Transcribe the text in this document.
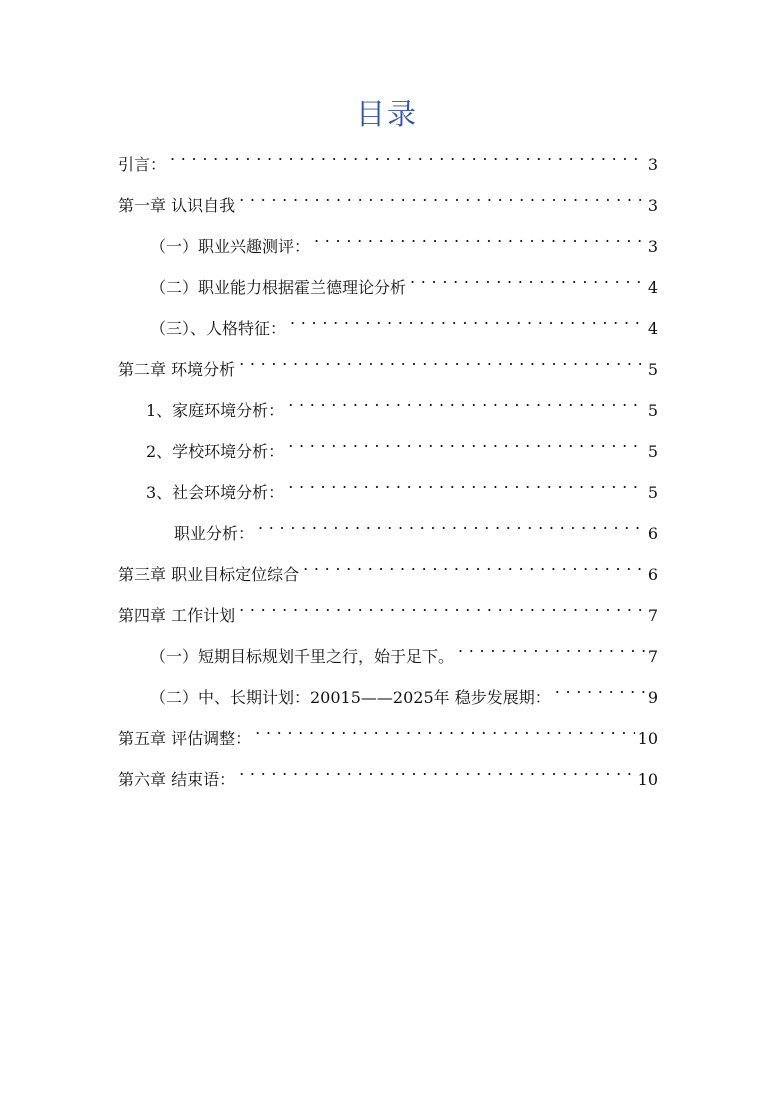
目录
引言： . . .	3
第一章 认识自我 . . .	3
（一）职业兴趣测评： . . .	3
（二）职业能力根据霍兰德理论分析 . . .	4
（三）、人格特征： . . .	4
第二章 环境分析 . . .	5
1、家庭环境分析： . . .	5
2、学校环境分析： . . .	5
3、社会环境分析： . . .	5
职业分析： . . .	6
第三章 职业目标定位综合 . . .	6
第四章 工作计划 . . .	7
（一）短期目标规划千里之行，始于足下。 . . .	7
（二）中、长期计划：20015——2025年 稳步发展期： . . .	9
第五章 评估调整： . . .	10
第六章 结束语： . . .	10
